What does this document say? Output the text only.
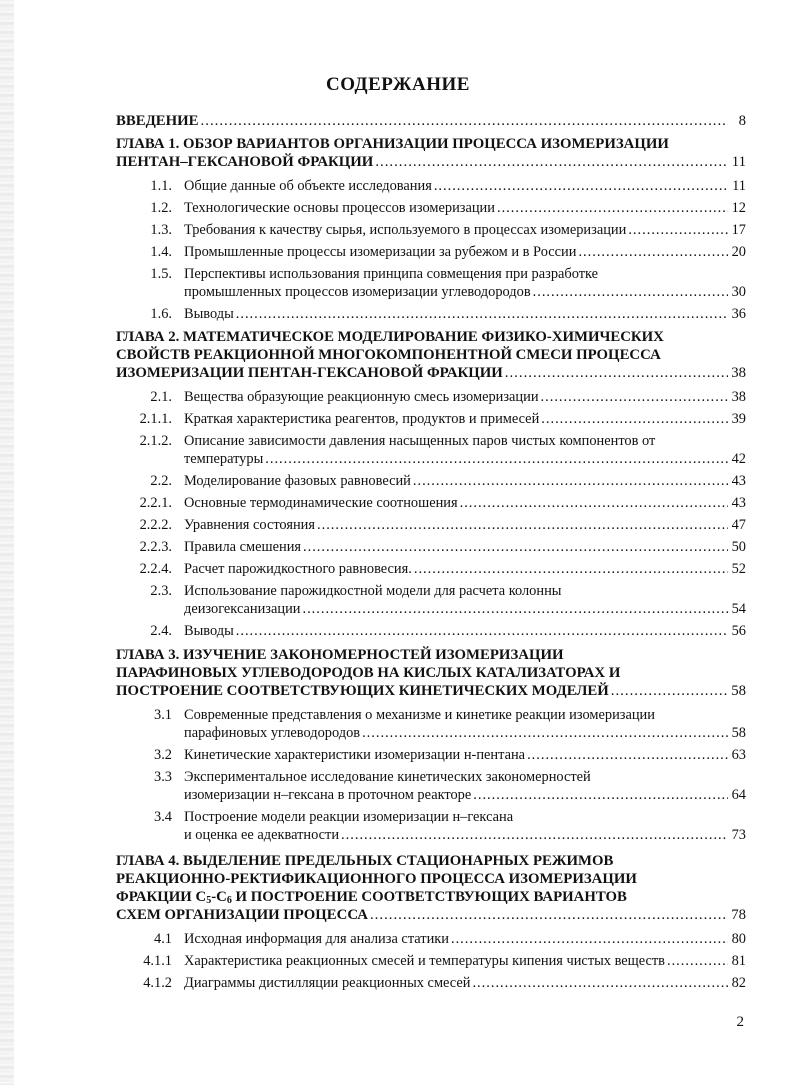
СОДЕРЖАНИЕ
ВВЕДЕНИЕ .....	8
ГЛАВА 1. ОБЗОР ВАРИАНТОВ ОРГАНИЗАЦИИ ПРОЦЕССА ИЗОМЕРИЗАЦИИ
ПЕНТАН–ГЕКСАНОВОЙ ФРАКЦИИ .....	11
1.1. Общие данные об объекте исследования .....	11
1.2. Технологические основы процессов изомеризации .....	12
1.3. Требования к качеству сырья, используемого в процессах изомеризации .....	17
1.4. Промышленные процессы изомеризации за рубежом и в России .....	20
1.5. Перспективы использования принципа совмещения при разработке
промышленных процессов изомеризации углеводородов .....	30
1.6. Выводы .....	36
ГЛАВА 2. МАТЕМАТИЧЕСКОЕ МОДЕЛИРОВАНИЕ ФИЗИКО-ХИМИЧЕСКИХ
СВОЙСТВ РЕАКЦИОННОЙ МНОГОКОМПОНЕНТНОЙ СМЕСИ ПРОЦЕССА
ИЗОМЕРИЗАЦИИ ПЕНТАН-ГЕКСАНОВОЙ ФРАКЦИИ .....	38
2.1. Вещества образующие реакционную смесь изомеризации .....	38
2.1.1. Краткая характеристика реагентов, продуктов и примесей .....	39
2.1.2. Описание зависимости давления насыщенных паров чистых компонентов от
температуры .....	42
2.2. Моделирование фазовых равновесий .....	43
2.2.1. Основные термодинамические соотношения .....	43
2.2.2. Уравнения состояния .....	47
2.2.3. Правила смешения .....	50
2.2.4. Расчет парожидкостного равновесия. .....	52
2.3. Использование парожидкостной модели для расчета колонны
деизогексанизации .....	54
2.4. Выводы .....	56
ГЛАВА 3. ИЗУЧЕНИЕ ЗАКОНОМЕРНОСТЕЙ ИЗОМЕРИЗАЦИИ
ПАРАФИНОВЫХ УГЛЕВОДОРОДОВ НА КИСЛЫХ КАТАЛИЗАТОРАХ И
ПОСТРОЕНИЕ СООТВЕТСТВУЮЩИХ КИНЕТИЧЕСКИХ МОДЕЛЕЙ .....	58
3.1 Современные представления о механизме и кинетике реакции изомеризации
парафиновых углеводородов .....	58
3.2 Кинетические характеристики изомеризации н-пентана .....	63
3.3 Экспериментальное исследование кинетических закономерностей
изомеризации н–гексана в проточном реакторе .....	64
3.4 Построение модели реакции изомеризации н–гексана
и оценка ее адекватности .....	73
ГЛАВА 4. ВЫДЕЛЕНИЕ ПРЕДЕЛЬНЫХ СТАЦИОНАРНЫХ РЕЖИМОВ
РЕАКЦИОННО-РЕКТИФИКАЦИОННОГО ПРОЦЕССА ИЗОМЕРИЗАЦИИ
ФРАКЦИИ $С_5-С_6$ И ПОСТРОЕНИЕ СООТВЕТСТВУЮЩИХ ВАРИАНТОВ
СХЕМ ОРГАНИЗАЦИИ ПРОЦЕССА .....	78
4.1 Исходная информация для анализа статики .....	80
4.1.1 Характеристика реакционных смесей и температуры кипения чистых веществ .....	81
4.1.2 Диаграммы дистилляции реакционных смесей .....	82
2
